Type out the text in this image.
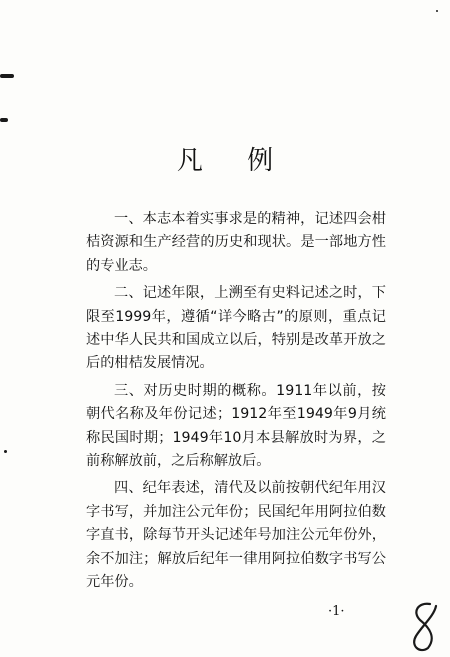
凡 例

一、本志本着实事求是的精神，记述四会柑桔资源和生产经营的历史和现状。是一部地方性的专业志。

二、记述年限，上溯至有史料记述之时，下限至1999年，遵循“详今略古”的原则，重点记述中华人民共和国成立以后，特别是改革开放之后的柑桔发展情况。

三、对历史时期的概称。1911年以前，按朝代名称及年份记述；1912年至1949年9月统称民国时期；1949年10月本县解放时为界，之前称解放前，之后称解放后。

四、纪年表述，清代及以前按朝代纪年用汉字书写，并加注公元年份；民国纪年用阿拉伯数字直书，除每节开头记述年号加注公元年份外，余不加注；解放后纪年一律用阿拉伯数字书写公元年份。

·1·
8
